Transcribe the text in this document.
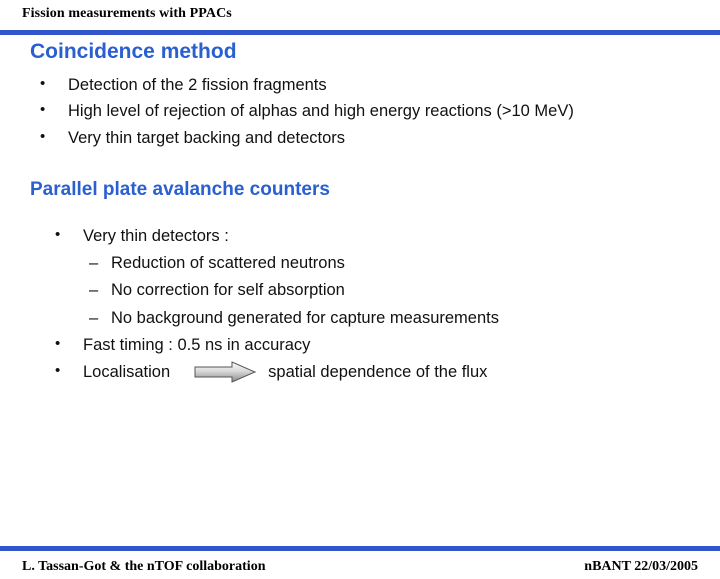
Fission measurements with PPACs
Coincidence method
•	Detection of the 2 fission fragments
•	High level of rejection of alphas and high energy reactions (>10 MeV)
•	Very thin target backing and detectors
Parallel plate avalanche counters
•	Very thin detectors :
– Reduction of scattered neutrons
– No correction for self absorption
– No background generated for capture measurements
•	Fast timing : 0.5 ns in accuracy
•	Localisation	spatial dependence of the flux
L. Tassan-Got & the nTOF collaboration	nBANT 22/03/2005
